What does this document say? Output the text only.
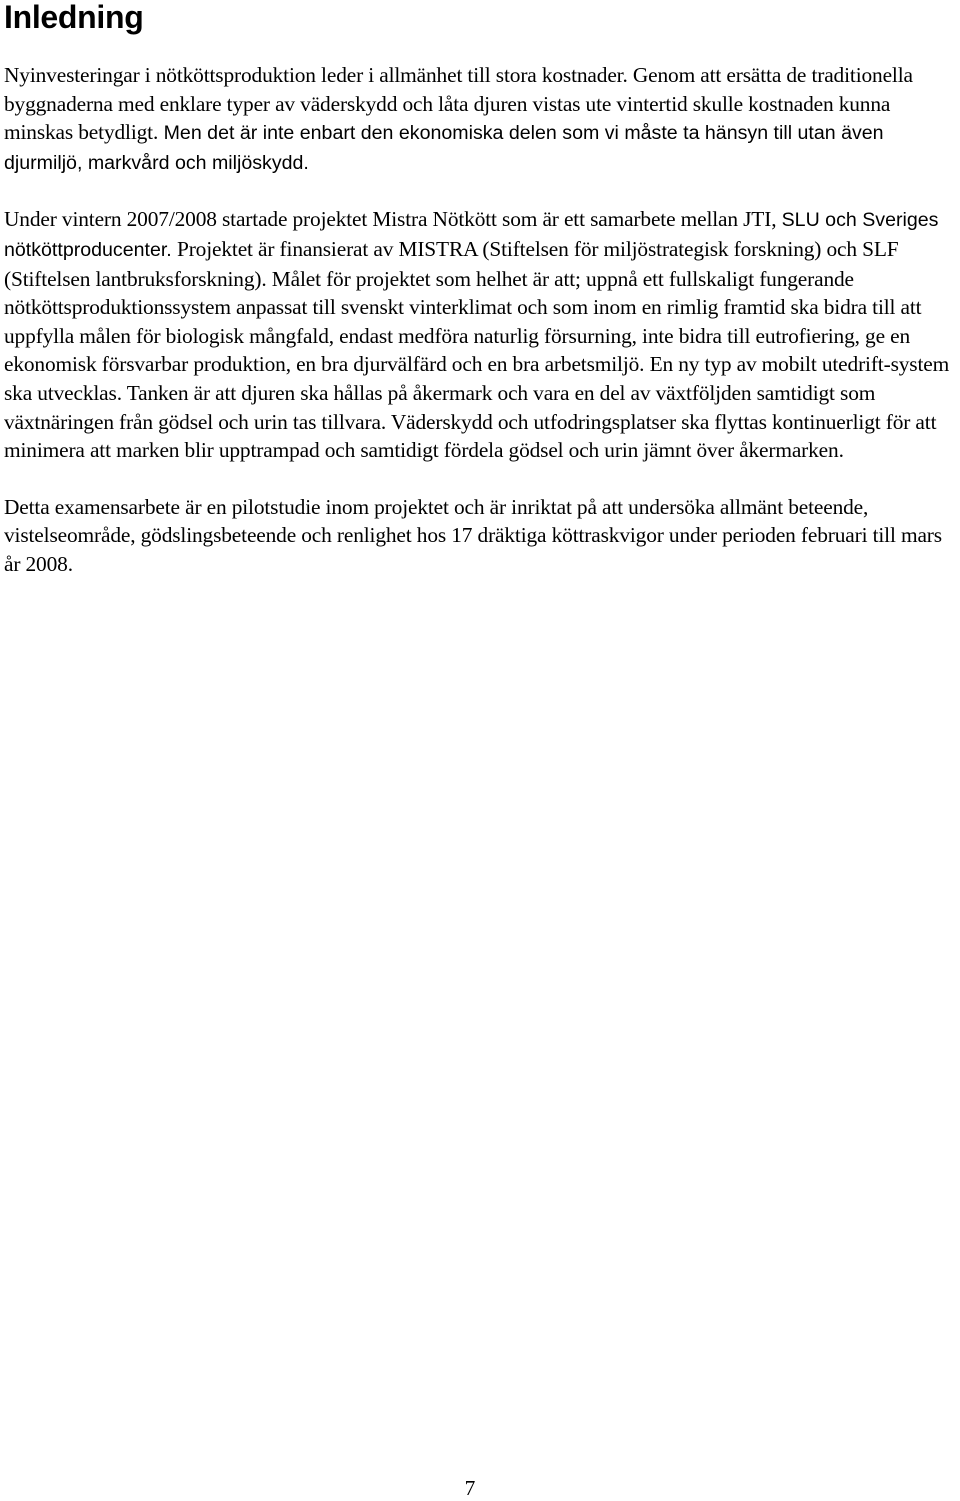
Inledning

Nyinvesteringar i nötköttsproduktion leder i allmänhet till stora kostnader. Genom att ersätta de traditionella byggnaderna med enklare typer av väderskydd och låta djuren vistas ute vintertid skulle kostnaden kunna minskas betydligt. Men det är inte enbart den ekonomiska delen som vi måste ta hänsyn till utan även djurmiljö, markvård och miljöskydd.

Under vintern 2007/2008 startade projektet Mistra Nötkött som är ett samarbete mellan JTI, SLU och Sveriges nötköttproducenter. Projektet är finansierat av MISTRA (Stiftelsen för miljöstrategisk forskning) och SLF (Stiftelsen lantbruksforskning). Målet för projektet som helhet är att; uppnå ett fullskaligt fungerande nötköttsproduktionssystem anpassat till svenskt vinterklimat och som inom en rimlig framtid ska bidra till att uppfylla målen för biologisk mångfald, endast medföra naturlig försurning, inte bidra till eutrofiering, ge en ekonomisk försvarbar produktion, en bra djurvälfärd och en bra arbetsmiljö. En ny typ av mobilt utedrift-system ska utvecklas. Tanken är att djuren ska hållas på åkermark och vara en del av växtföljden samtidigt som växtnäringen från gödsel och urin tas tillvara. Väderskydd och utfodringsplatser ska flyttas kontinuerligt för att minimera att marken blir upptrampad och samtidigt fördela gödsel och urin jämnt över åkermarken.

Detta examensarbete är en pilotstudie inom projektet och är inriktat på att undersöka allmänt beteende, vistelseområde, gödslingsbeteende och renlighet hos 17 dräktiga köttraskvigor under perioden februari till mars år 2008.

7
